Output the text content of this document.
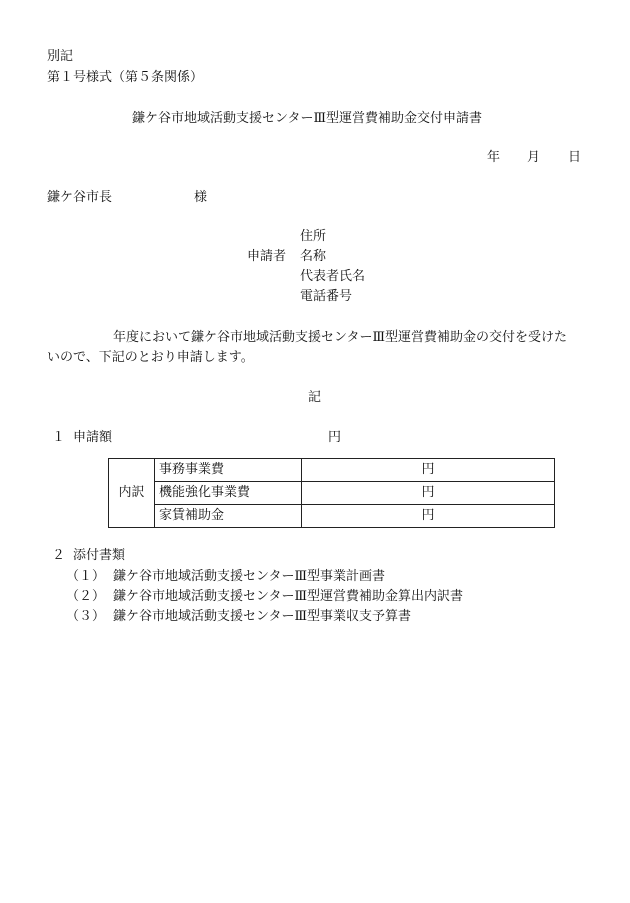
別記
第１号様式（第５条関係）
鎌ケ谷市地域活動支援センターⅢ型運営費補助金交付申請書
年 月 日
鎌ケ谷市長	様
住所
申請者 名称
代表者氏名
電話番号
年度において鎌ケ谷市地域活動支援センターⅢ型運営費補助金の交付を受けた
いので、下記のとおり申請します。
記
１ 申請額	円
内訳	事務事業費	円
	機能強化事業費	円
	家賃補助金	円
２ 添付書類
（１） 鎌ケ谷市地域活動支援センターⅢ型事業計画書
（２） 鎌ケ谷市地域活動支援センターⅢ型運営費補助金算出内訳書
（３） 鎌ケ谷市地域活動支援センターⅢ型事業収支予算書
